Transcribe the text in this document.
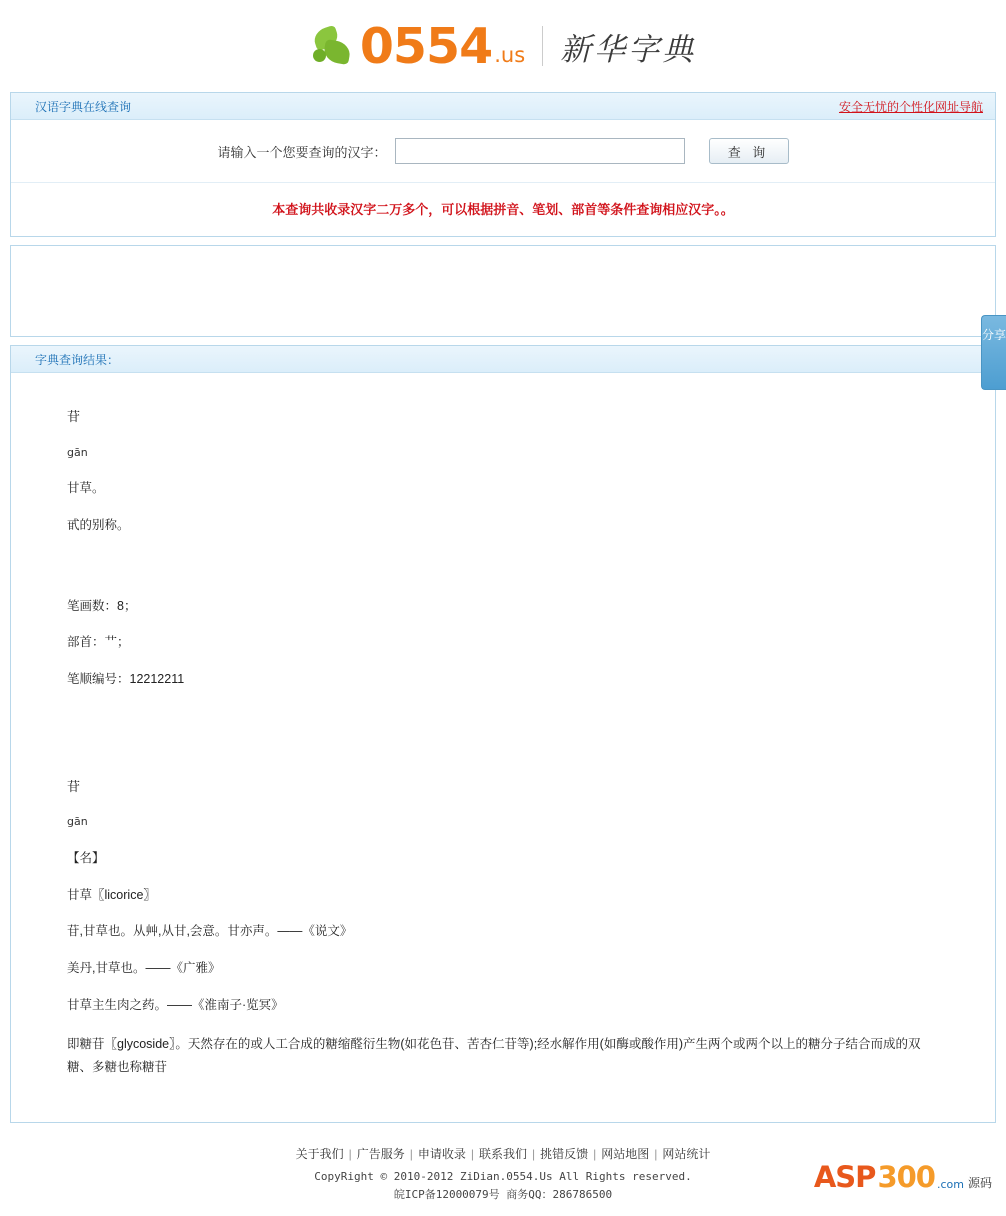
0554 .us 新华字典
汉语字典在线查询	安全无忧的个性化网址导航
请输入一个您要查询的汉字：	查 询
本查询共收录汉字二万多个，可以根据拼音、笔划、部首等条件查询相应汉字。。
分享
字典查询结果：

苷

gān

甘草。

甙的别称。

笔画数：8；

部首：艹；

笔顺编号：12212211

苷

gān

【名】

甘草〖licorice〗

苷,甘草也。从艸,从甘,会意。甘亦声。——《说文》

美丹,甘草也。——《广雅》

甘草主生肉之药。——《淮南子·览冥》

即糖苷〖glycoside〗。天然存在的或人工合成的糖缩醛衍生物(如花色苷、苦杏仁苷等);经水解作用(如酶或酸作用)产生两个或两个以上的糖分子结合而成的双糖、多糖也称糖苷

关于我们 | 广告服务 | 申请收录 | 联系我们 | 挑错反馈 | 网站地图 | 网站统计
CopyRight © 2010-2012 ZiDian.0554.Us All Rights reserved.
皖ICP备12000079号 商务QQ：286786500
ASP 300 .com 源码
